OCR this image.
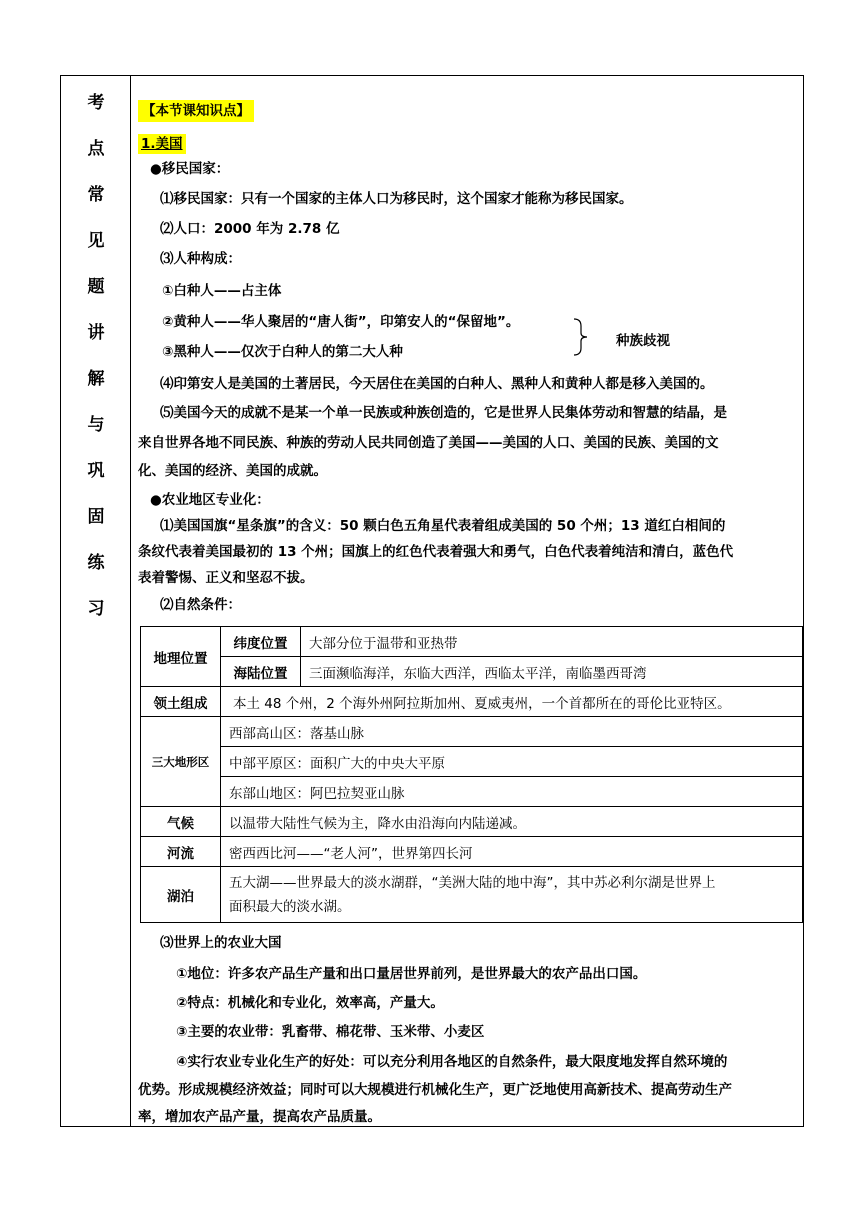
考
点
常
见
题
讲
解
与
巩
固
练
习
【本节课知识点】
1.美国
●移民国家：
⑴移民国家：只有一个国家的主体人口为移民时，这个国家才能称为移民国家。
⑵人口：2000 年为 2.78 亿
⑶人种构成：
①白种人——占主体
②黄种人——华人聚居的“唐人街”，印第安人的“保留地”。
③黑种人——仅次于白种人的第二大人种
种族歧视
⑷印第安人是美国的土著居民，今天居住在美国的白种人、黑种人和黄种人都是移入美国的。
⑸美国今天的成就不是某一个单一民族或种族创造的，它是世界人民集体劳动和智慧的结晶，是
来自世界各地不同民族、种族的劳动人民共同创造了美国——美国的人口、美国的民族、美国的文
化、美国的经济、美国的成就。
●农业地区专业化：
⑴美国国旗“星条旗”的含义：50 颗白色五角星代表着组成美国的 50 个州；13 道红白相间的
条纹代表着美国最初的 13 个州；国旗上的红色代表着强大和勇气，白色代表着纯洁和清白，蓝色代
表着警惕、正义和坚忍不拔。
⑵自然条件：
地理位置	纬度位置	大部分位于温带和亚热带
	海陆位置	三面濒临海洋，东临大西洋，西临太平洋，南临墨西哥湾
领土组成	本土 48 个州，2 个海外州阿拉斯加州、夏威夷州，一个首都所在的哥伦比亚特区。	
三大地形区	西部高山区：落基山脉	
	中部平原区：面积广大的中央大平原	
	东部山地区：阿巴拉契亚山脉	
气候	以温带大陆性气候为主，降水由沿海向内陆递减。	
河流	密西西比河——“老人河”，世界第四长河	
湖泊	五大湖——世界最大的淡水湖群，“美洲大陆的地中海”，其中苏必利尔湖是世界上
面积最大的淡水湖。	
⑶世界上的农业大国
①地位：许多农产品生产量和出口量居世界前列，是世界最大的农产品出口国。
②特点：机械化和专业化，效率高，产量大。
③主要的农业带：乳畜带、棉花带、玉米带、小麦区
④实行农业专业化生产的好处：可以充分利用各地区的自然条件，最大限度地发挥自然环境的
优势。形成规模经济效益；同时可以大规模进行机械化生产，更广泛地使用高新技术、提高劳动生产
率，增加农产品产量，提高农产品质量。
